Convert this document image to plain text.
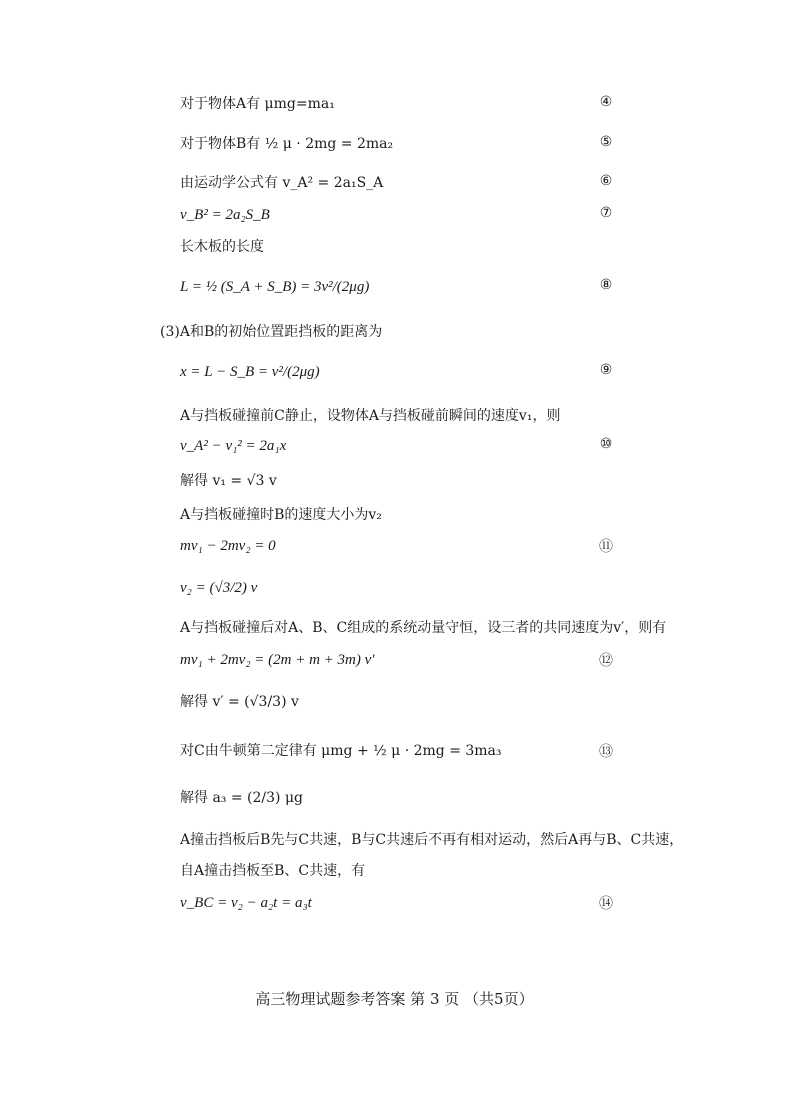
对于物体A有 μmg=ma₁	④
对于物体B有 ½ μ · 2mg = 2ma₂	⑤
由运动学公式有 v_A² = 2a₁S_A	⑥
v_B² = 2a₂S_B	⑦
长木板的长度
L = ½ (S_A + S_B) = 3v²/(2μg)	⑧
(3)A和B的初始位置距挡板的距离为
x = L − S_B = v²/(2μg)	⑨
A与挡板碰撞前C静止，设物体A与挡板碰前瞬间的速度v₁，则
v_A² − v₁² = 2a₁x	⑩
解得 v₁ = √3 v
A与挡板碰撞时B的速度大小为v₂
mv₁ − 2mv₂ = 0	⑪
v₂ = (√3/2) v
A与挡板碰撞后对A、B、C组成的系统动量守恒，设三者的共同速度为v′，则有
mv₁ + 2mv₂ = (2m + m + 3m) v′	⑫
解得 v′ = (√3/3) v
对C由牛顿第二定律有 μmg + ½ μ · 2mg = 3ma₃	⑬
解得 a₃ = (2/3) μg
A撞击挡板后B先与C共速，B与C共速后不再有相对运动，然后A再与B、C共速，
自A撞击挡板至B、C共速，有
v_BC = v₂ − a₂t = a₃t	⑭
高三物理试题参考答案 第 3 页 （共5页）
